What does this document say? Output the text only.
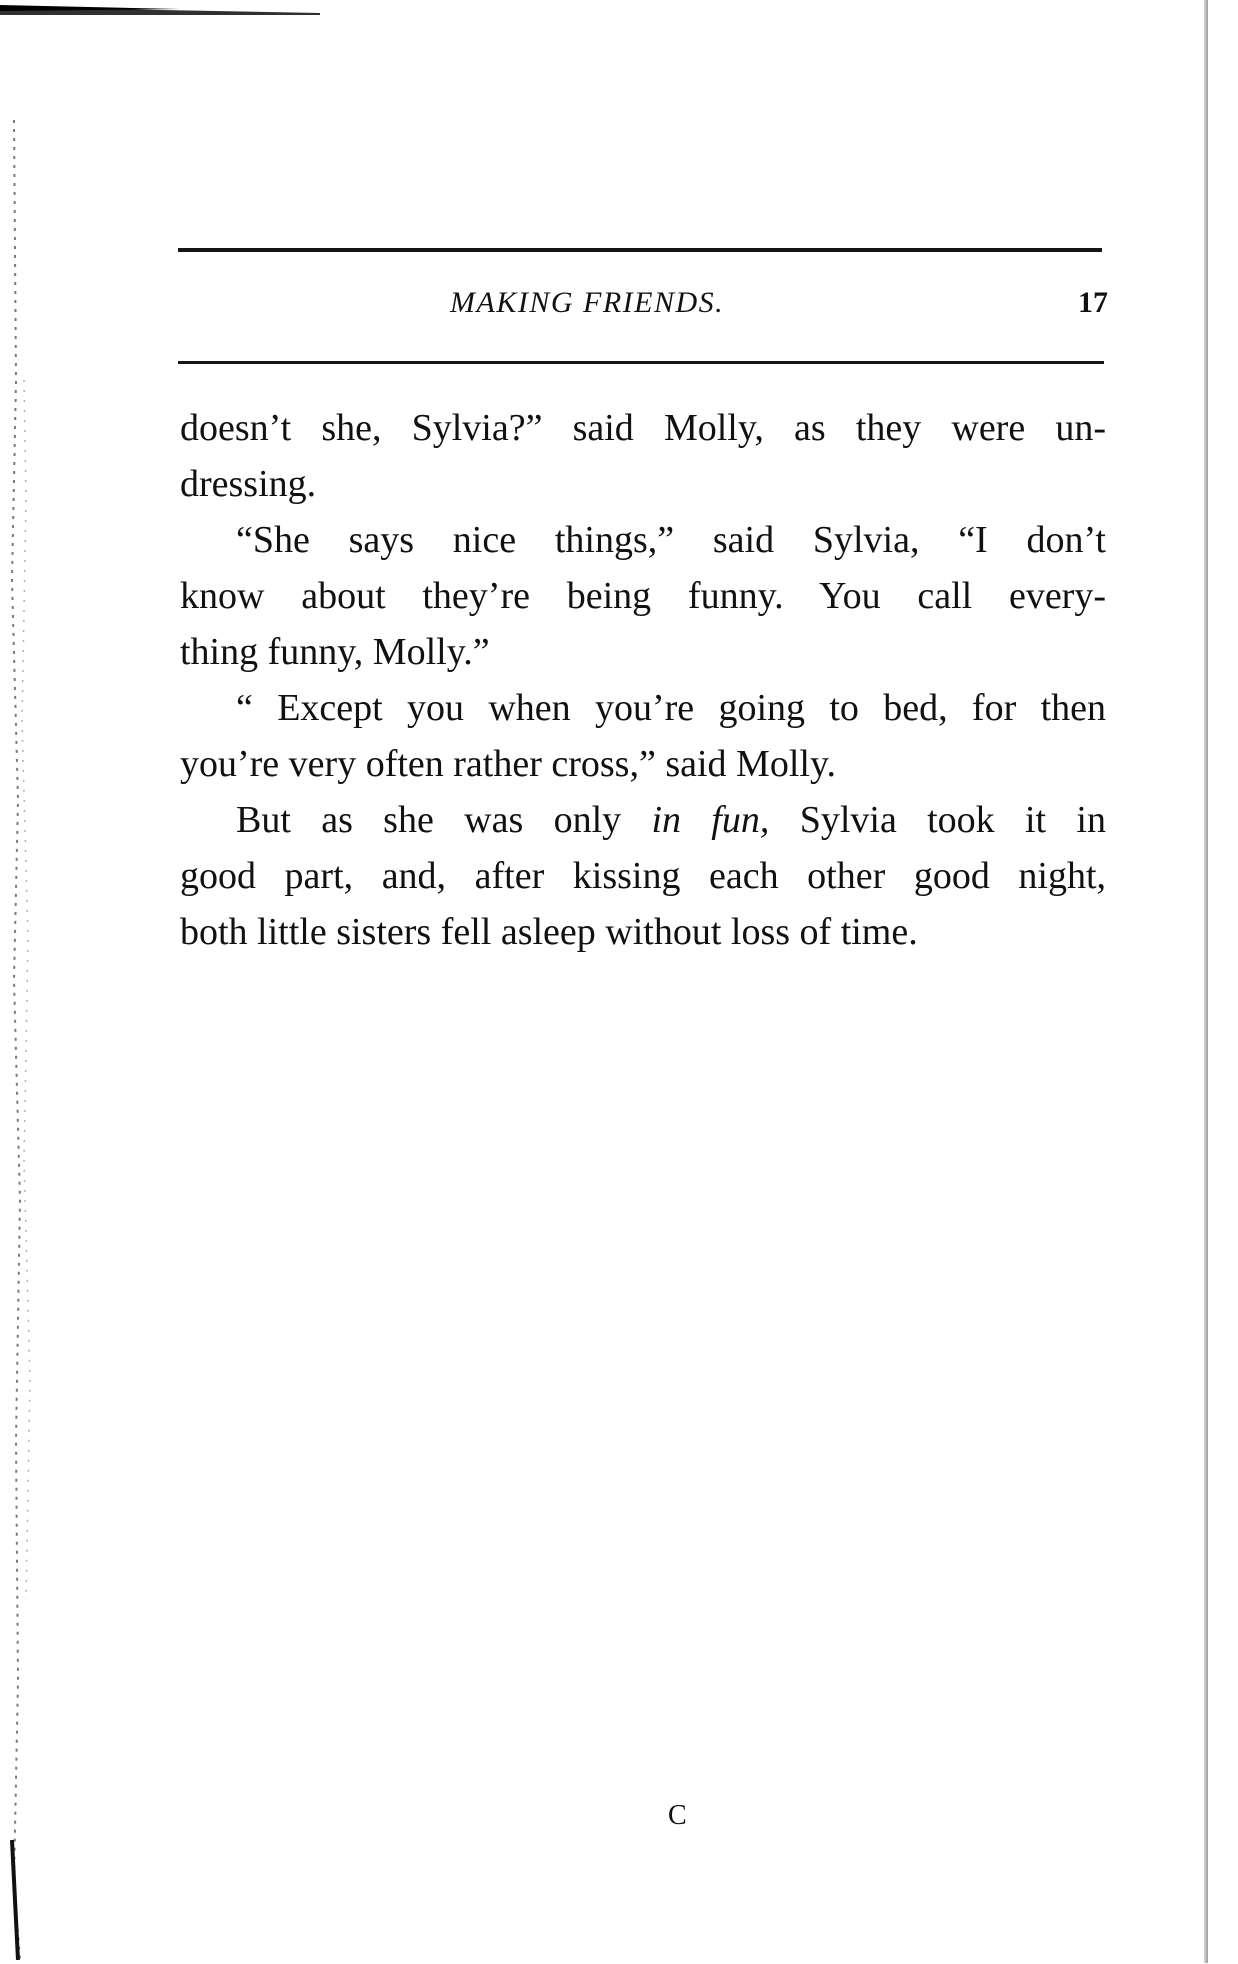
MAKING FRIENDS.	17

doesn’t she, Sylvia?” said Molly, as they were un-
dressing.

“She says nice things,” said Sylvia, “I don’t
know about they’re being funny. You call every-
thing funny, Molly.”

“ Except you when you’re going to bed, for then
you’re very often rather cross,” said Molly.

But as she was only in fun, Sylvia took it in
good part, and, after kissing each other good night,
both little sisters fell asleep without loss of time.

C
